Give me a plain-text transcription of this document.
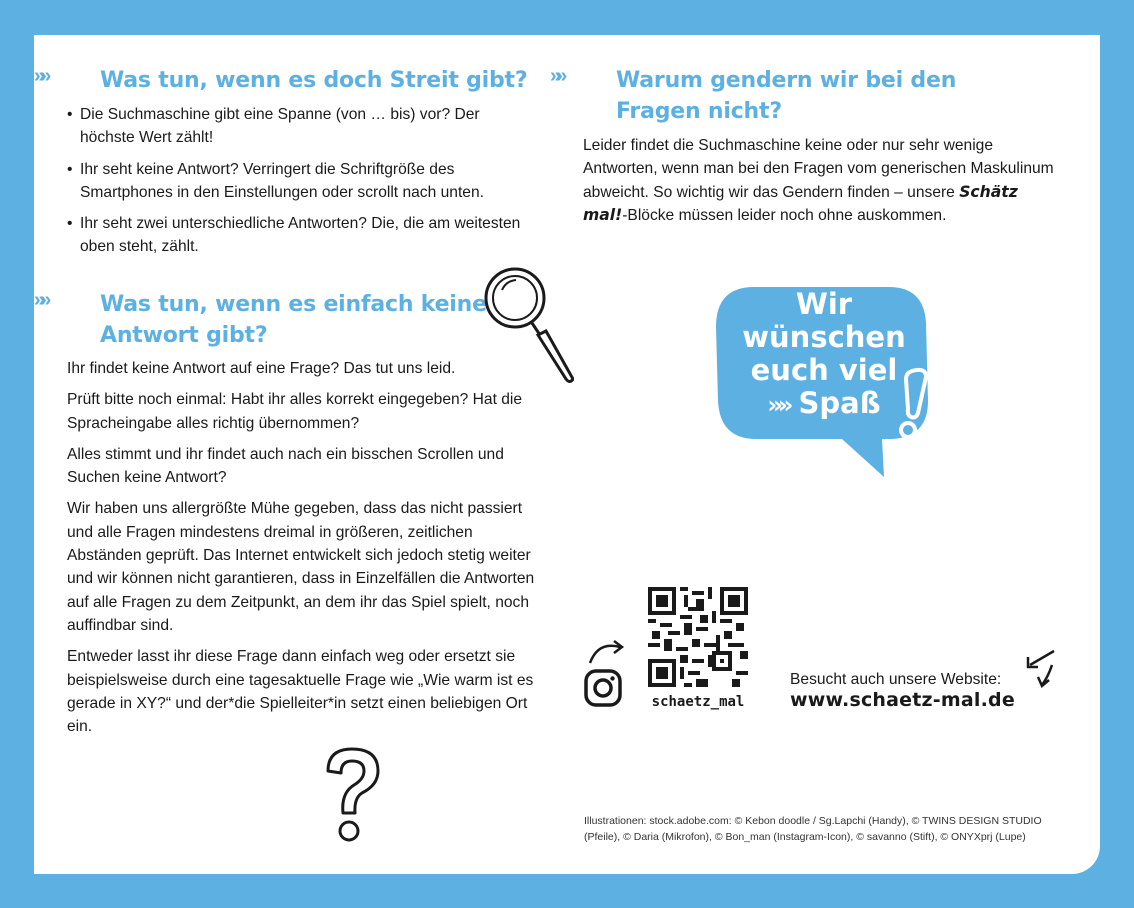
»» Was tun, wenn es doch Streit gibt?
• Die Suchmaschine gibt eine Spanne (von … bis) vor? Der höchste Wert zählt!
• Ihr seht keine Antwort? Verringert die Schriftgröße des Smartphones in den Einstellungen oder scrollt nach unten.
• Ihr seht zwei unterschiedliche Antworten? Die, die am weitesten oben steht, zählt.
»» Was tun, wenn es einfach keine Antwort gibt?

Ihr findet keine Antwort auf eine Frage? Das tut uns leid.

Prüft bitte noch einmal: Habt ihr alles korrekt eingegeben? Hat die Spracheingabe alles richtig übernommen?

Alles stimmt und ihr findet auch nach ein bisschen Scrollen und Suchen keine Antwort?

Wir haben uns allergrößte Mühe gegeben, dass das nicht passiert und alle Fragen mindestens dreimal in größeren, zeitlichen Abständen geprüft. Das Internet entwickelt sich jedoch stetig weiter und wir können nicht garantieren, dass in Einzelfällen die Antworten auf alle Fragen zu dem Zeitpunkt, an dem ihr das Spiel spielt, noch auffindbar sind.

Entweder lasst ihr diese Frage dann einfach weg oder ersetzt sie beispielsweise durch eine tagesaktuelle Frage wie „Wie warm ist es gerade in XY?“ und der*die Spielleiter*in setzt einen beliebigen Ort ein.

»» Warum gendern wir bei den Fragen nicht?

Leider findet die Suchmaschine keine oder nur sehr wenige Antworten, wenn man bei den Fragen vom generischen Maskulinum abweicht. So wichtig wir das Gendern finden – unsere Schätz mal!-Blöcke müssen leider noch ohne auskommen.

Wir
wünschen
euch viel
»» Spaß
schaetz_mal
Besucht auch unsere Website:
www.schaetz-mal.de
Illustrationen: stock.adobe.com: © Kebon doodle / Sg.Lapchi (Handy), © TWINS DESIGN STUDIO (Pfeile), © Daria (Mikrofon), © Bon_man (Instagram-Icon), © savanno (Stift), © ONYXprj (Lupe)
